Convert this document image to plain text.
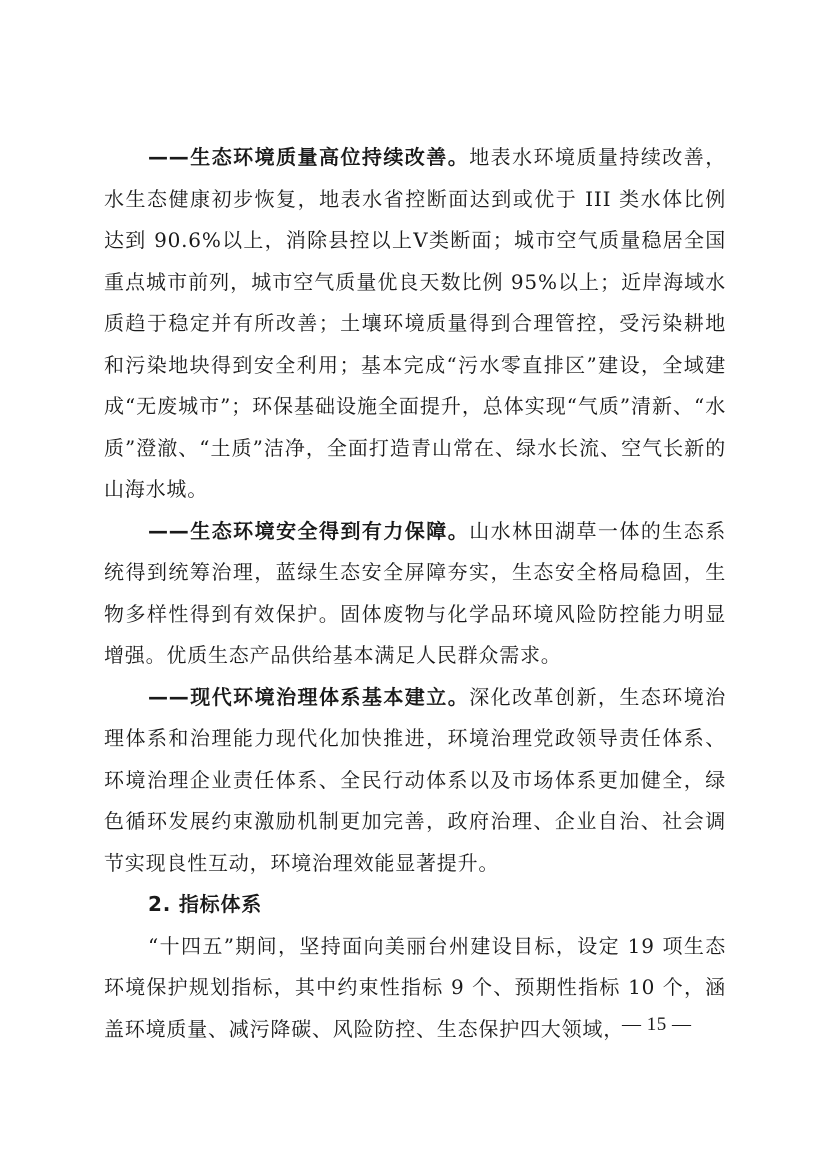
——生态环境质量高位持续改善。地表水环境质量持续改善，水生态健康初步恢复，地表水省控断面达到或优于 III 类水体比例达到 90.6%以上，消除县控以上Ⅴ类断面；城市空气质量稳居全国重点城市前列，城市空气质量优良天数比例 95%以上；近岸海域水质趋于稳定并有所改善；土壤环境质量得到合理管控，受污染耕地和污染地块得到安全利用；基本完成“污水零直排区”建设，全域建成“无废城市”；环保基础设施全面提升，总体实现“气质”清新、“水质”澄澈、“土质”洁净，全面打造青山常在、绿水长流、空气长新的山海水城。

——生态环境安全得到有力保障。山水林田湖草一体的生态系统得到统筹治理，蓝绿生态安全屏障夯实，生态安全格局稳固，生物多样性得到有效保护。固体废物与化学品环境风险防控能力明显增强。优质生态产品供给基本满足人民群众需求。

——现代环境治理体系基本建立。深化改革创新，生态环境治理体系和治理能力现代化加快推进，环境治理党政领导责任体系、环境治理企业责任体系、全民行动体系以及市场体系更加健全，绿色循环发展约束激励机制更加完善，政府治理、企业自治、社会调节实现良性互动，环境治理效能显著提升。

2. 指标体系

“十四五”期间，坚持面向美丽台州建设目标，设定 19 项生态环境保护规划指标，其中约束性指标 9 个、预期性指标 10 个，涵盖环境质量、减污降碳、风险防控、生态保护四大领域，

— 15 —
